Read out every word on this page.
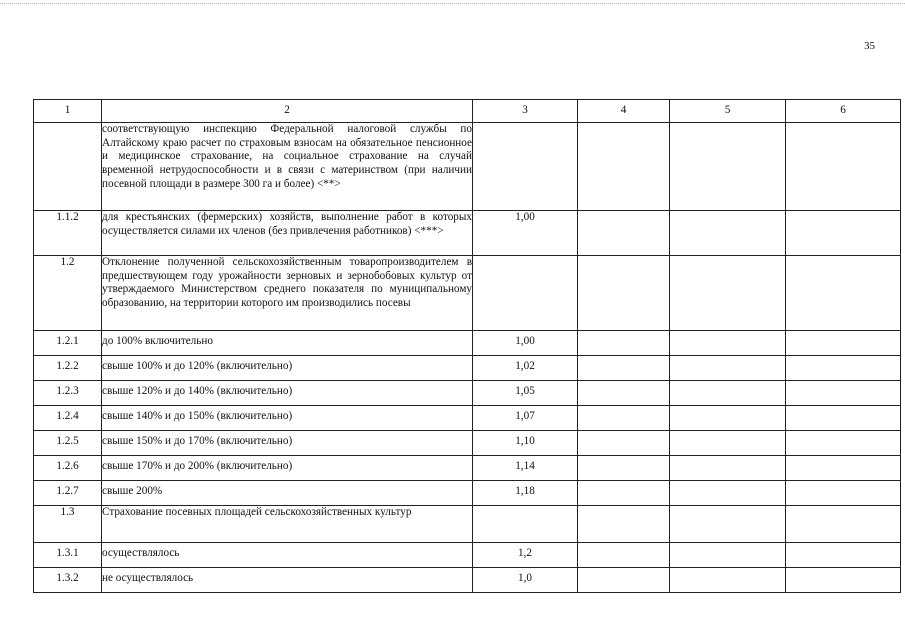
35
1	2	3	4	5	6
	соответствующую инспекцию Федеральной налоговой службы по Алтайскому краю расчет по страховым взносам на обязательное пенсионное и медицинское страхование, на социальное страхование на случай временной нетрудоспособности и в связи с материнством (при наличии посевной площади в размере 300 га и более) <**>				
1.1.2	для крестьянских (фермерских) хозяйств, выполнение работ в которых осуществляется силами их членов (без привлечения работников) <***>	1,00			
1.2	Отклонение полученной сельскохозяйственным товаропроизводителем в предшествующем году урожайности зерновых и зернобобовых культур от утверждаемого Министерством среднего показателя по муниципальному образованию, на территории которого им производились посевы				
1.2.1	до 100% включительно	1,00			
1.2.2	свыше 100% и до 120% (включительно)	1,02			
1.2.3	свыше 120% и до 140% (включительно)	1,05			
1.2.4	свыше 140% и до 150% (включительно)	1,07			
1.2.5	свыше 150% и до 170% (включительно)	1,10			
1.2.6	свыше 170% и до 200% (включительно)	1,14			
1.2.7	свыше 200%	1,18			
1.3	Страхование посевных площадей сельскохозяйственных культур				
1.3.1	осуществлялось	1,2			
1.3.2	не осуществлялось	1,0			
